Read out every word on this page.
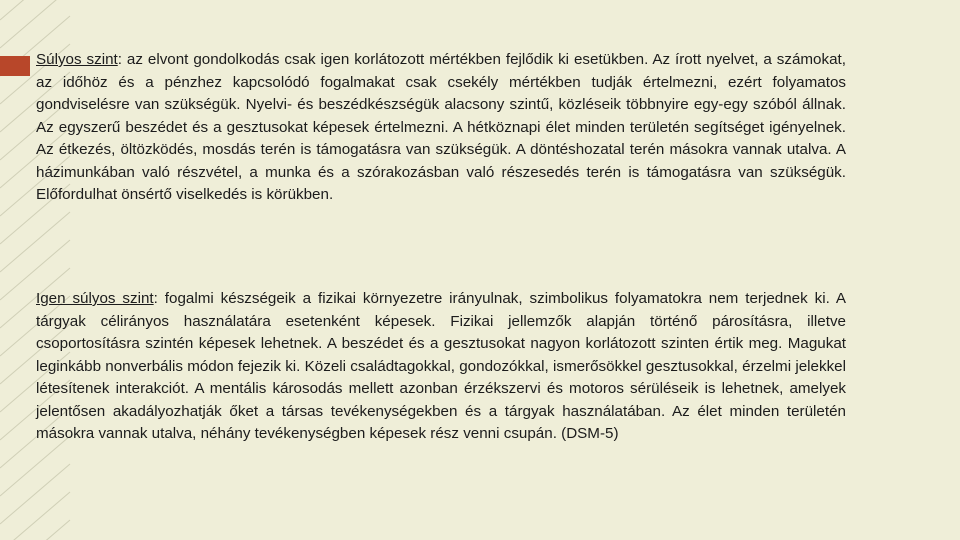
Súlyos szint: az elvont gondolkodás csak igen korlátozott mértékben fejlődik ki esetükben. Az írott nyelvet, a számokat, az időhöz és a pénzhez kapcsolódó fogalmakat csak csekély mértékben tudják értelmezni, ezért folyamatos gondviselésre van szükségük. Nyelvi- és beszédkészségük alacsony szintű, közléseik többnyire egy-egy szóból állnak. Az egyszerű beszédet és a gesztusokat képesek értelmezni. A hétköznapi élet minden területén segítséget igényelnek. Az étkezés, öltözködés, mosdás terén is támogatásra van szükségük. A döntéshozatal terén másokra vannak utalva. A házimunkában való részvétel, a munka és a szórakozásban való részesedés terén is támogatásra van szükségük. Előfordulhat önsértő viselkedés is körükben.

Igen súlyos szint: fogalmi készségeik a fizikai környezetre irányulnak, szimbolikus folyamatokra nem terjednek ki. A tárgyak célirányos használatára esetenként képesek. Fizikai jellemzők alapján történő párosításra, illetve csoportosításra szintén képesek lehetnek. A beszédet és a gesztusokat nagyon korlátozott szinten értik meg. Magukat leginkább nonverbális módon fejezik ki. Közeli családtagokkal, gondozókkal, ismerősökkel gesztusokkal, érzelmi jelekkel létesítenek interakciót. A mentális károsodás mellett azonban érzékszervi és motoros sérüléseik is lehetnek, amelyek jelentősen akadályozhatják őket a társas tevékenységekben és a tárgyak használatában. Az élet minden területén másokra vannak utalva, néhány tevékenységben képesek rész venni csupán. (DSM-5)
